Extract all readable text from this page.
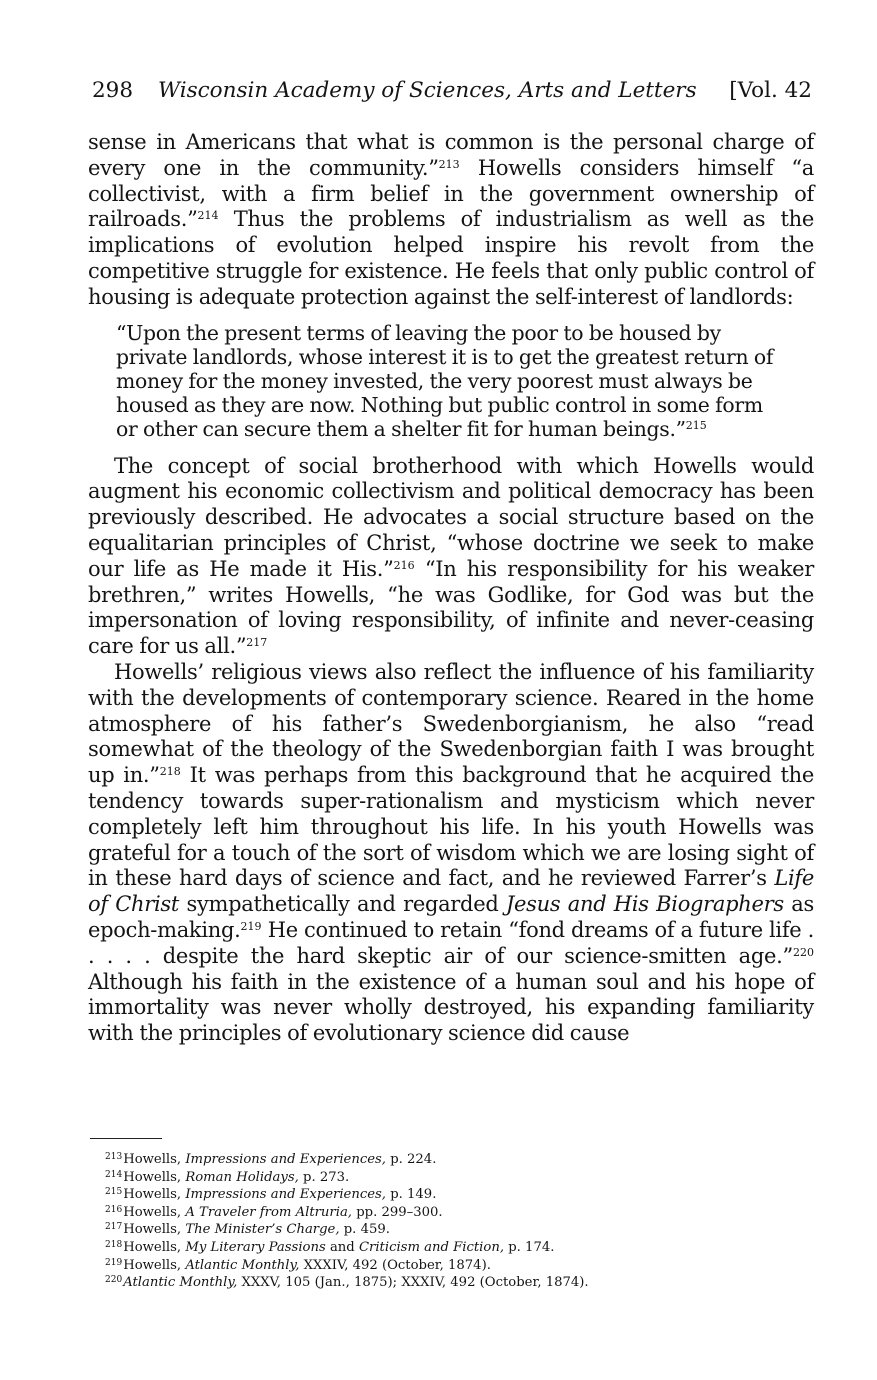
298 Wisconsin Academy of Sciences, Arts and Letters [Vol. 42

sense in Americans that what is common is the personal charge of every one in the community.”$^{213}$ Howells considers himself “a collectivist, with a firm belief in the government ownership of railroads.”$^{214}$ Thus the problems of industrialism as well as the implications of evolution helped inspire his revolt from the competitive struggle for existence. He feels that only public control of housing is adequate protection against the self-interest of landlords:

“Upon the present terms of leaving the poor to be housed by private landlords, whose interest it is to get the greatest return of money for the money invested, the very poorest must always be housed as they are now. Nothing but public control in some form or other can secure them a shelter fit for human beings.”$^{215}$

The concept of social brotherhood with which Howells would augment his economic collectivism and political democracy has been previously described. He advocates a social structure based on the equalitarian principles of Christ, “whose doctrine we seek to make our life as He made it His.”$^{216}$ “In his responsibility for his weaker brethren,” writes Howells, “he was Godlike, for God was but the impersonation of loving responsibility, of infinite and never-ceasing care for us all.”$^{217}$

Howells’ religious views also reflect the influence of his familiarity with the developments of contemporary science. Reared in the home atmosphere of his father’s Swedenborgianism, he also “read somewhat of the theology of the Swedenborgian faith I was brought up in.”$^{218}$ It was perhaps from this background that he acquired the tendency towards super-rationalism and mysticism which never completely left him throughout his life. In his youth Howells was grateful for a touch of the sort of wisdom which we are losing sight of in these hard days of science and fact, and he reviewed Farrer’s Life of Christ sympathetically and regarded Jesus and His Biographers as epoch-making.$^{219}$ He continued to retain “fond dreams of a future life . . . . . despite the hard skeptic air of our science-smitten age.”$^{220}$ Although his faith in the existence of a human soul and his hope of immortality was never wholly destroyed, his expanding familiarity with the principles of evolutionary science did cause

$^{213}$Howells, Impressions and Experiences, p. 224.
$^{214}$Howells, Roman Holidays, p. 273.
$^{215}$Howells, Impressions and Experiences, p. 149.
$^{216}$Howells, A Traveler from Altruria, pp. 299–300.
$^{217}$Howells, The Minister’s Charge, p. 459.
$^{218}$Howells, My Literary Passions and Criticism and Fiction, p. 174.
$^{219}$Howells, Atlantic Monthly, XXXIV, 492 (October, 1874).
$^{220}$Atlantic Monthly, XXXV, 105 (Jan., 1875); XXXIV, 492 (October, 1874).
